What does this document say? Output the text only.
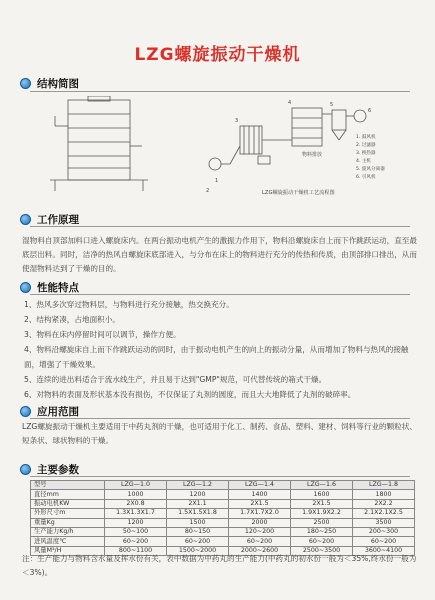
LZG螺旋振动干燥机
结构简图
1
2
3
4	5
6
物料排放
1. 鼓风机
2. 过滤器
3. 换热器
4. 主机
5. 旋风分离器
6. 引风机
LZG螺旋振动干燥机工艺流程图
工作原理
湿物料自顶部加料口进入螺旋床内。在两台振动电机产生的激振力作用下，物料沿螺旋床自上而下作跳跃运动，直至最底层出料。同时，洁净的热风自螺旋床底部进入，与分布在床上的物料进行充分的传热和传质，由顶部排口排出，从而使湿物料达到了干燥的目的。
性能特点
1、热风多次穿过物料层，与物料进行充分接触，热交换充分。
2、结构紧凑，占地面积小。
3、物料在床内停留时间可以调节，操作方便。
4、物料沿螺旋床自上而下作跳跃运动的同时，由于振动电机产生的向上的振动分量，从而增加了物料与热风的接触面，增强了干燥效果。
5、连续的进出料适合于流水线生产，并且易于达到"GMP"规范，可代替传统的箱式干燥。
6、对物料的表面及形状基本没有损伤，不仅保证了丸剂的圆度，而且大大地降低了丸剂的破碎率。
应用范围
LZG螺旋振动干燥机主要适用于中药丸剂的干燥，也可适用于化工、制药、食品、塑料、建材、饲料等行业的颗粒状、短条状、球状物料的干燥。
主要参数
型号	LZG—1.0	LZG—1.2	LZG—1.4	LZG—1.6	LZG—1.8
直径mm	1000	1200	1400	1600	1800
振动电机KW	2X0.8	2X1.1	2X1.5	2X1.5	2X2.2
外形尺寸m	1.3X1.3X1.7	1.5X1.5X1.8	1.7X1.7X2.0	1.9X1.9X2.2	2.1X2.1X2.5
重量Kg	1200	1500	2000	2500	3500
生产能力Kg/h	50~100	80~150	120~200	180~250	200~300
进风温度℃	60~200	60~200	60~200	60~200	60~200
风量M³/H	800~1100	1500~2000	2000~2600	2500~3500	3600~4100
注：生产能力与物料含水量及挥水份有关，表中数据为中药丸的生产能力(中药丸的初水份一般为＜35%,终水份一般为＜3%)。
